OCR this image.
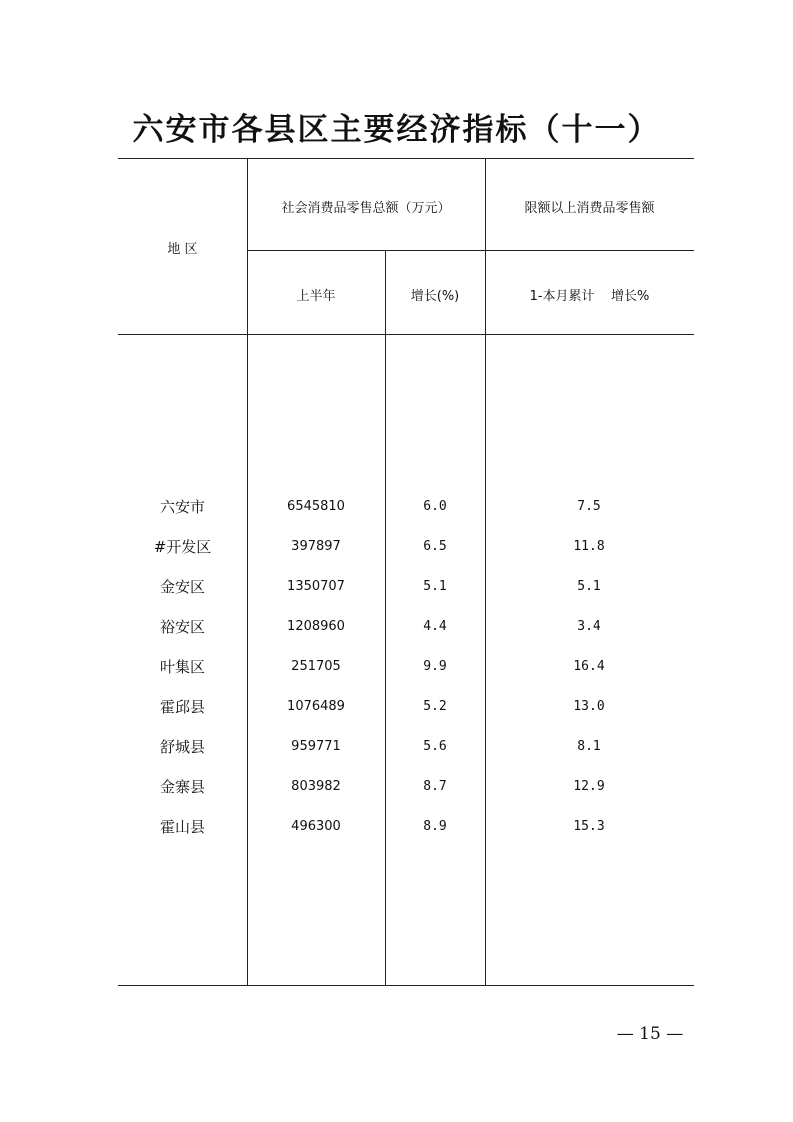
六安市各县区主要经济指标（十一）
地 区
社会消费品零售总额（万元）	限额以上消费品零售额
上半年	增长(%)	1-本月累计    增长%
六安市	6545810	6.0	7.5
#开发区	397897	6.5	11.8
金安区	1350707	5.1	5.1
裕安区	1208960	4.4	3.4
叶集区	251705	9.9	16.4
霍邱县	1076489	5.2	13.0
舒城县	959771	5.6	8.1
金寨县	803982	8.7	12.9
霍山县	496300	8.9	15.3
— 15 —
